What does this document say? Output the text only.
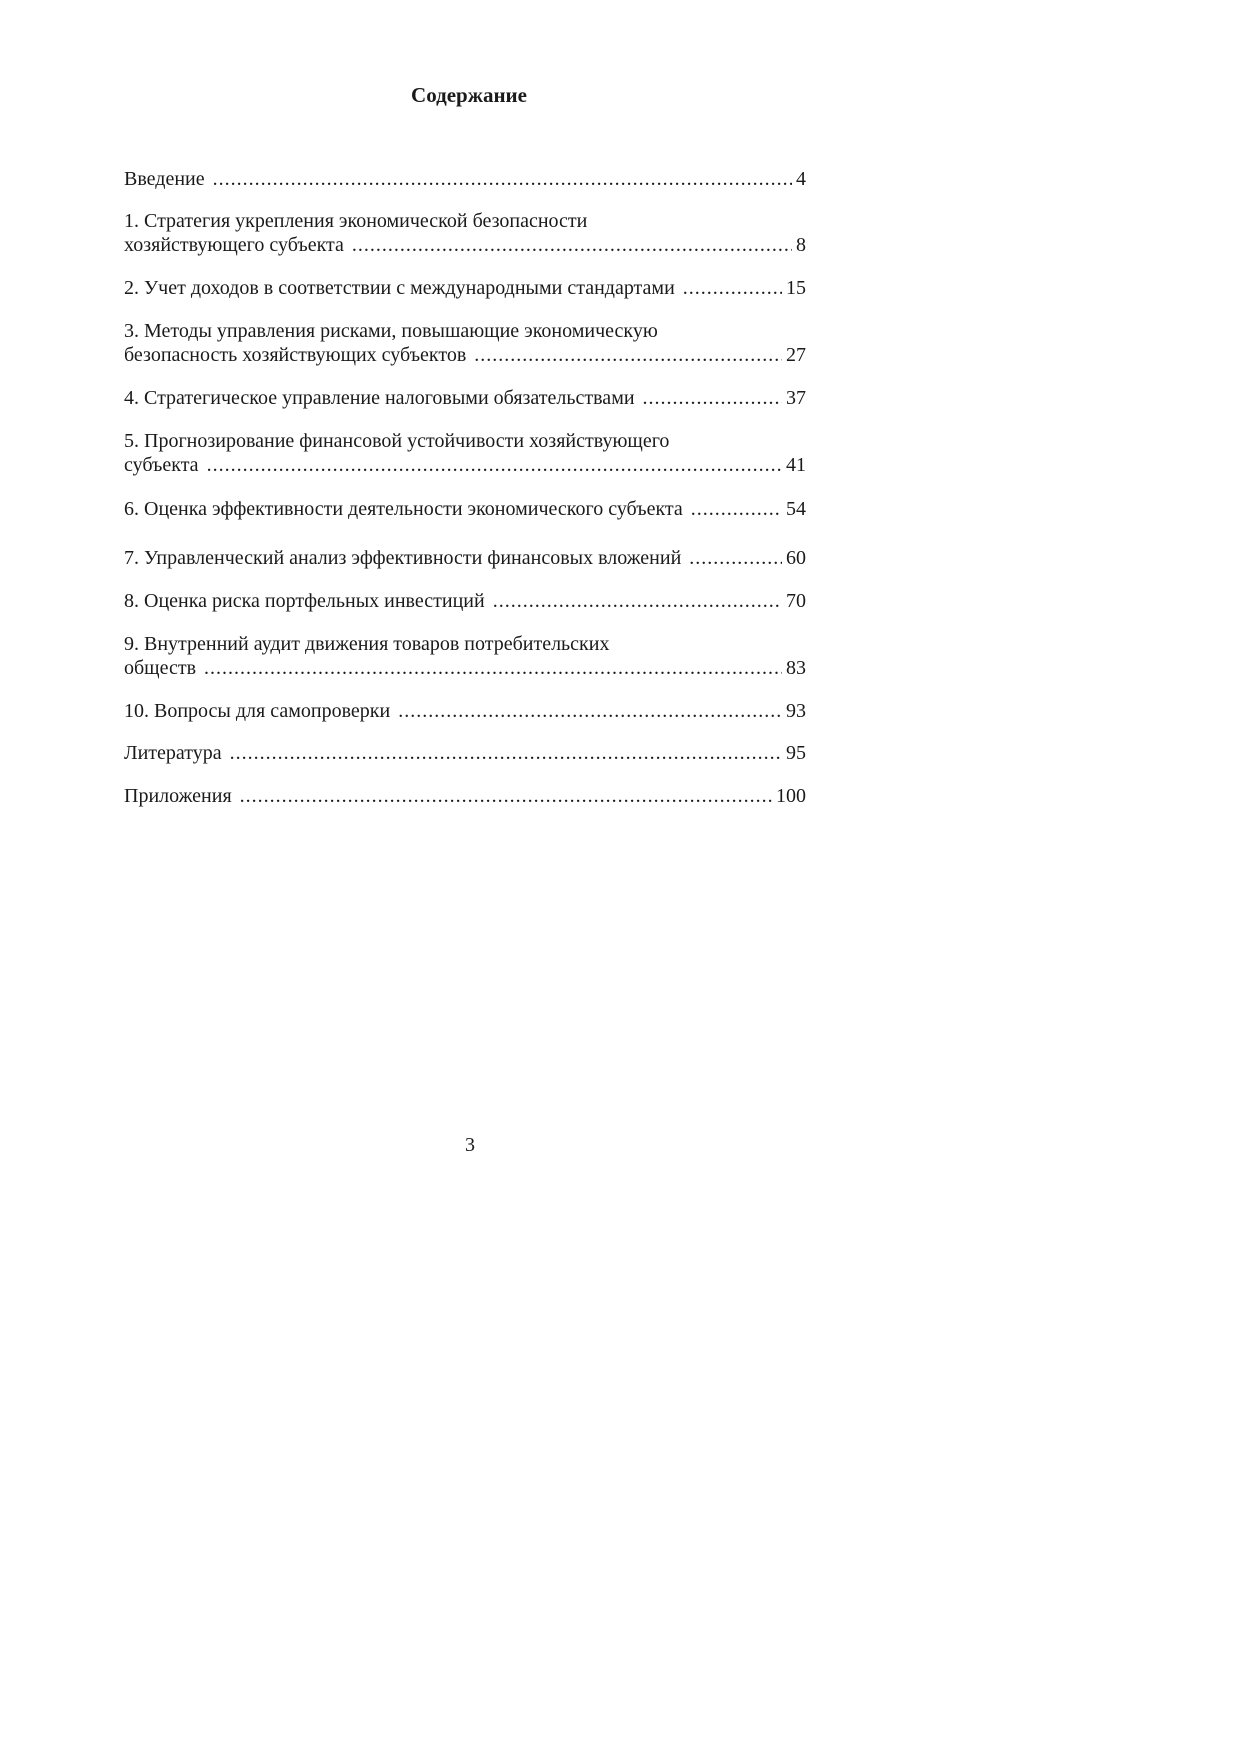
Содержание
Введение .....	4
1. Стратегия укрепления экономической безопасности
хозяйствующего субъекта .....	8
2. Учет доходов в соответствии с международными стандартами .....	15
3. Методы управления рисками, повышающие экономическую
безопасность хозяйствующих субъектов .....	27
4. Стратегическое управление налоговыми обязательствами .....	37
5. Прогнозирование финансовой устойчивости хозяйствующего
субъекта .....	41
6. Оценка эффективности деятельности экономического субъекта .....	54
7. Управленческий анализ эффективности финансовых вложений .....	60
8. Оценка риска портфельных инвестиций .....	70
9. Внутренний аудит движения товаров потребительских
обществ .....	83
10. Вопросы для самопроверки .....	93
Литература .....	95
Приложения .....	100
3
